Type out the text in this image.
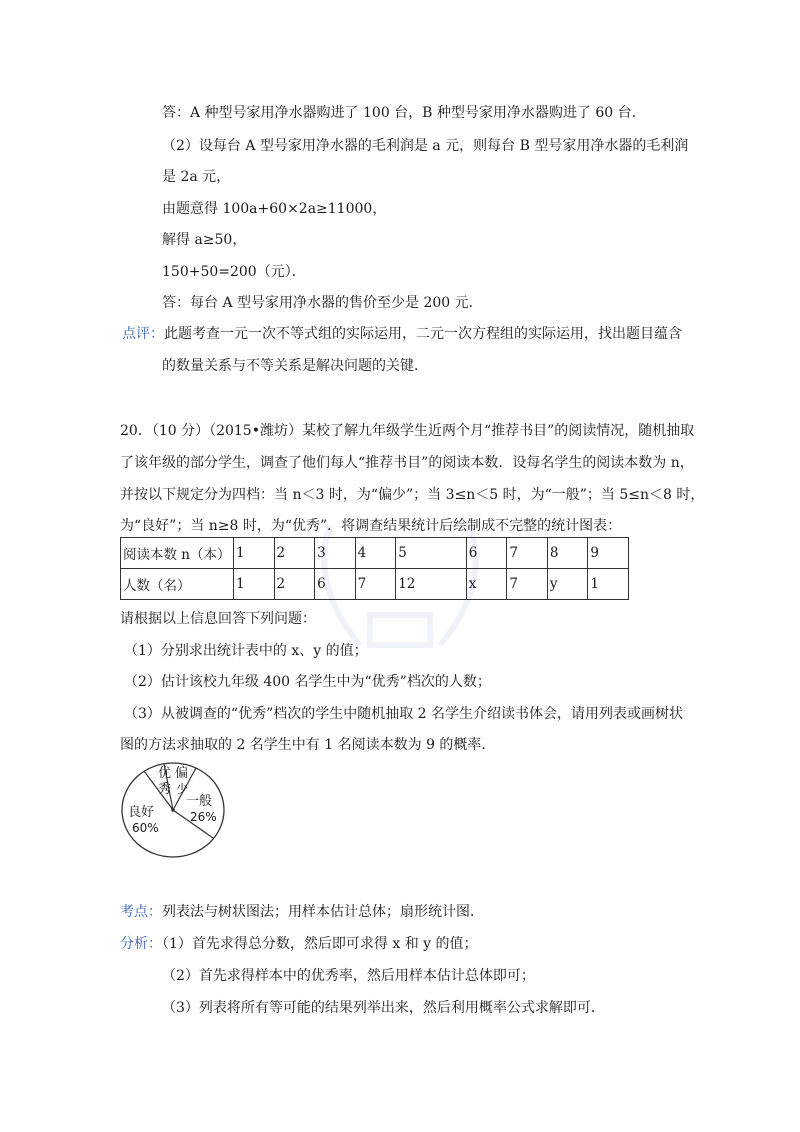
答：A 种型号家用净水器购进了 100 台，B 种型号家用净水器购进了 60 台．
（2）设每台 A 型号家用净水器的毛利润是 a 元，则每台 B 型号家用净水器的毛利润
是 2a 元，
由题意得 100a+60×2a≥11000，
解得 a≥50，
150+50=200（元）．
答：每台 A 型号家用净水器的售价至少是 200 元．
点评：此题考查一元一次不等式组的实际运用，二元一次方程组的实际运用，找出题目蕴含
的数量关系与不等关系是解决问题的关键．
20．（10 分）（2015•潍坊）某校了解九年级学生近两个月“推荐书目”的阅读情况，随机抽取
了该年级的部分学生，调查了他们每人“推荐书目”的阅读本数．设每名学生的阅读本数为 n，
并按以下规定分为四档：当 n＜3 时，为“偏少”；当 3≤n＜5 时，为“一般”；当 5≤n＜8 时，
为“良好”；当 n≥8 时，为“优秀”．将调查结果统计后绘制成不完整的统计图表：
阅读本数 n（本）	1	2	3	4	5	6	7	8	9
人数（名）	1	2	6	7	12	x	7	y	1
请根据以上信息回答下列问题：
（1）分别求出统计表中的 x、y 的值；
（2）估计该校九年级 400 名学生中为“优秀”档次的人数；
（3）从被调查的“优秀”档次的学生中随机抽取 2 名学生介绍读书体会，请用列表或画树状
图的方法求抽取的 2 名学生中有 1 名阅读本数为 9 的概率．
优
秀
偏
少
一般
26%
良好
60%
考点：列表法与树状图法；用样本估计总体；扇形统计图．
分析：（1）首先求得总分数，然后即可求得 x 和 y 的值；
（2）首先求得样本中的优秀率，然后用样本估计总体即可；
（3）列表将所有等可能的结果列举出来，然后利用概率公式求解即可．
